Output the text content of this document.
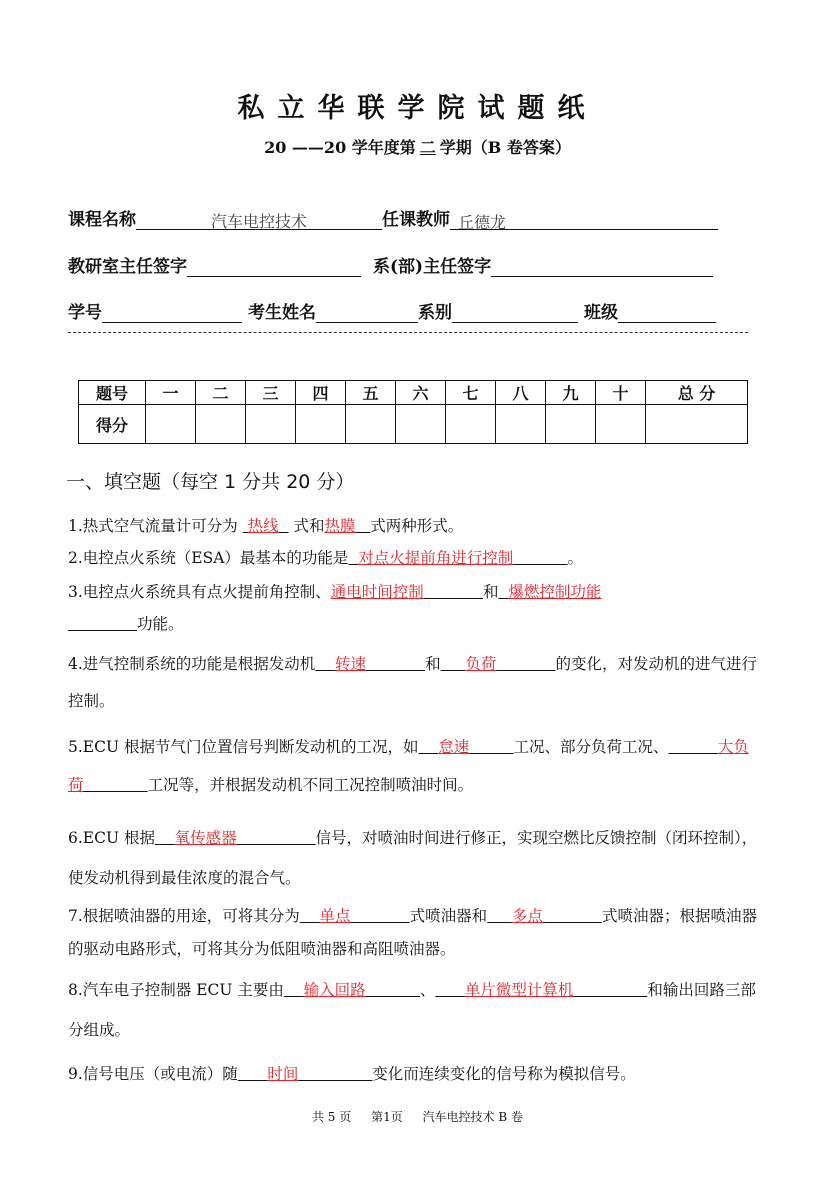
私立华联学院试题纸
20 ——20 学年度第 二 学期（B 卷答案）
课程名称	汽车电控技术	任课教师 丘德龙
教研室主任签字	系(部)主任签字
学号	考生姓名	系别	班级
题号	一	二	三	四	五	六	七	八	九	十	总 分
得分											
一、填空题（每空 1 分共 20 分）
1.热式空气流量计可分为  热线   式和热膜 式两种形式。
2.电控点火系统（ESA）最基本的功能是 对点火提前角进行控制	。
3.电控点火系统具有点火提前角控制、通电时间控制	和 爆燃控制功能
功能。
4.进气控制系统的功能是根据发动机 转速	和 负荷	的变化，对发动机的进气进行控制。
5.ECU 根据节气门位置信号判断发动机的工况，如 怠速	工况、部分负荷工况、	大负荷	工况等，并根据发动机不同工况控制喷油时间。
6.ECU 根据 氧传感器	信号，对喷油时间进行修正，实现空燃比反馈控制（闭环控制），使发动机得到最佳浓度的混合气。
7.根据喷油器的用途，可将其分为 单点	式喷油器和 多点	式喷油器；根据喷油器的驱动电路形式，可将其分为低阻喷油器和高阻喷油器。
8.汽车电子控制器 ECU 主要由 输入回路	、 单片微型计算机	和输出回路三部分组成。
9.信号电压（或电流）随 时间	变化而连续变化的信号称为模拟信号。
共 5 页 第1页 汽车电控技术 B 卷
